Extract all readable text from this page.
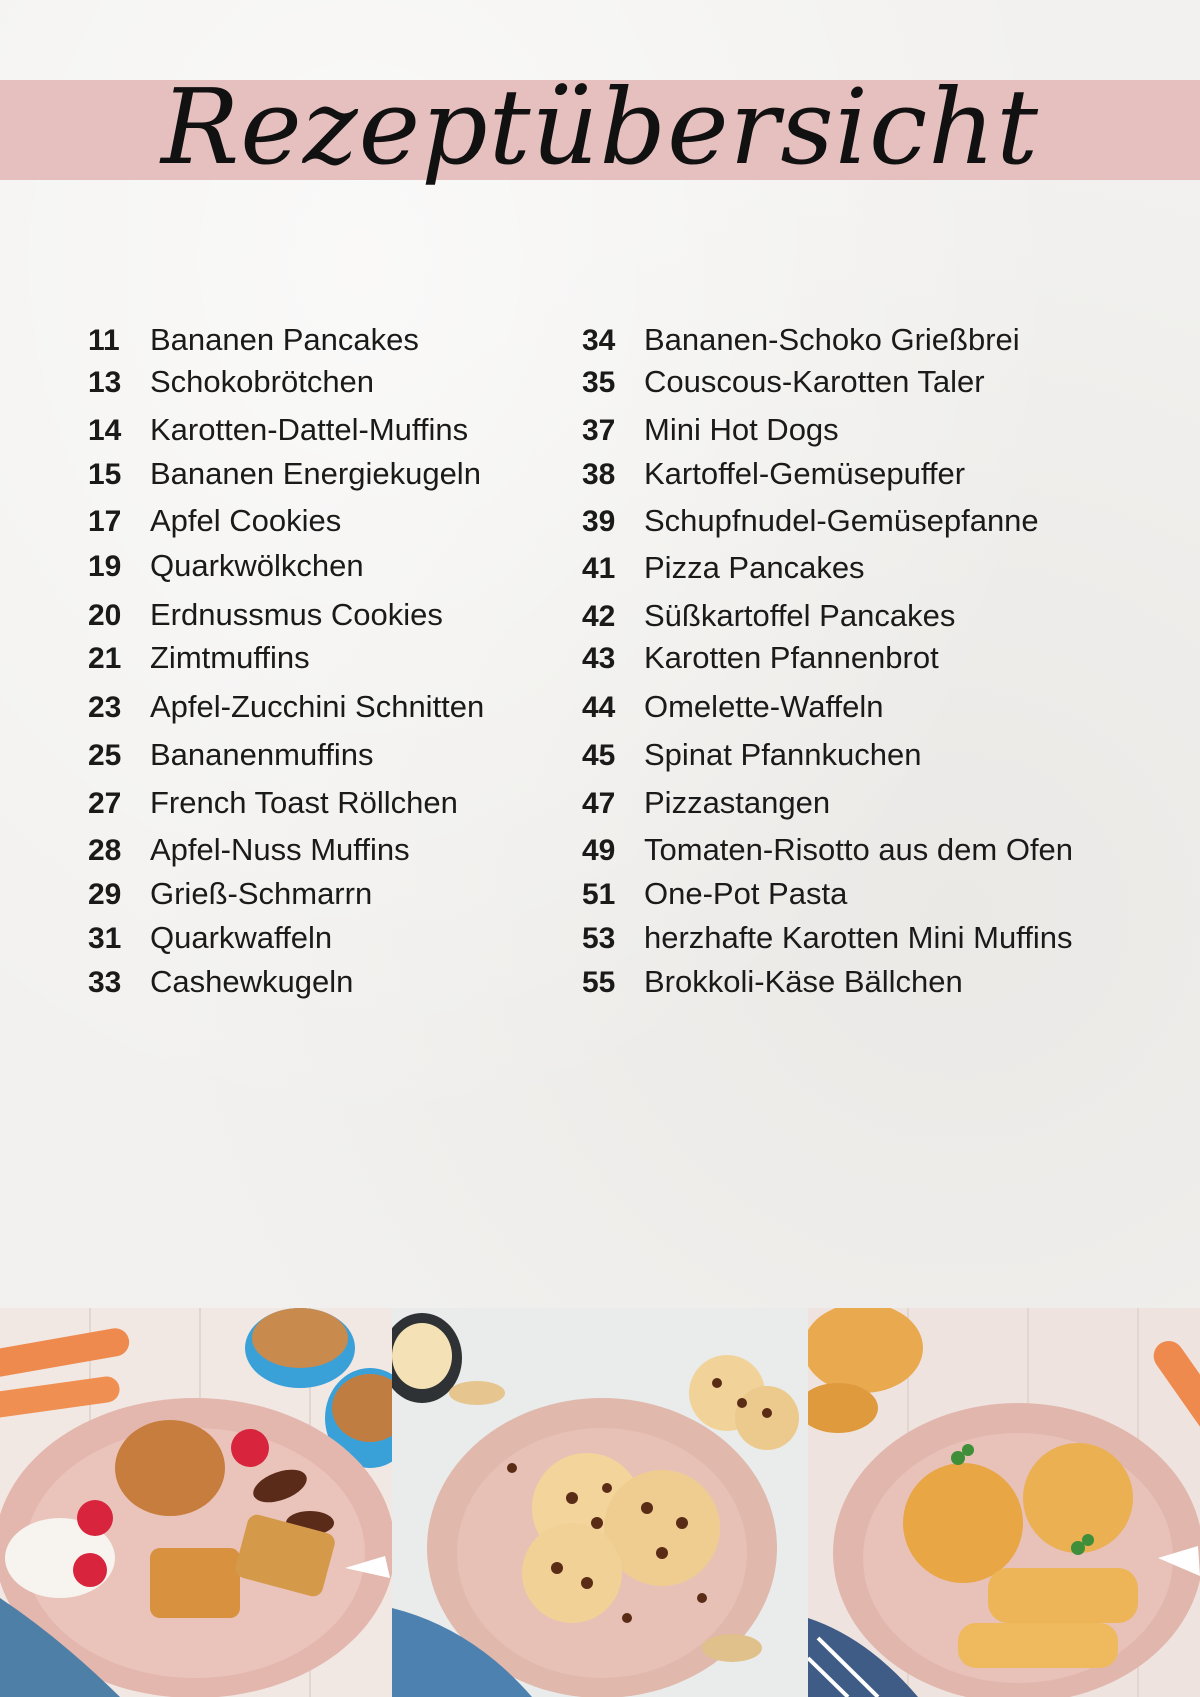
Rezeptübersicht
11 Bananen Pancakes
13 Schokobrötchen
14 Karotten-Dattel-Muffins
15 Bananen Energiekugeln
17 Apfel Cookies
19 Quarkwölkchen
20 Erdnussmus Cookies
21 Zimtmuffins
23 Apfel-Zucchini Schnitten
25 Bananenmuffins
27 French Toast Röllchen
28 Apfel-Nuss Muffins
29 Grieß-Schmarrn
31 Quarkwaffeln
33 Cashewkugeln
34 Bananen-Schoko Grießbrei
35 Couscous-Karotten Taler
37 Mini Hot Dogs
38 Kartoffel-Gemüsepuffer
39 Schupfnudel-Gemüsepfanne
41 Pizza Pancakes
42 Süßkartoffel Pancakes
43 Karotten Pfannenbrot
44 Omelette-Waffeln
45 Spinat Pfannkuchen
47 Pizzastangen
49 Tomaten-Risotto aus dem Ofen
51 One-Pot Pasta
53 herzhafte Karotten Mini Muffins
55 Brokkoli-Käse Bällchen
